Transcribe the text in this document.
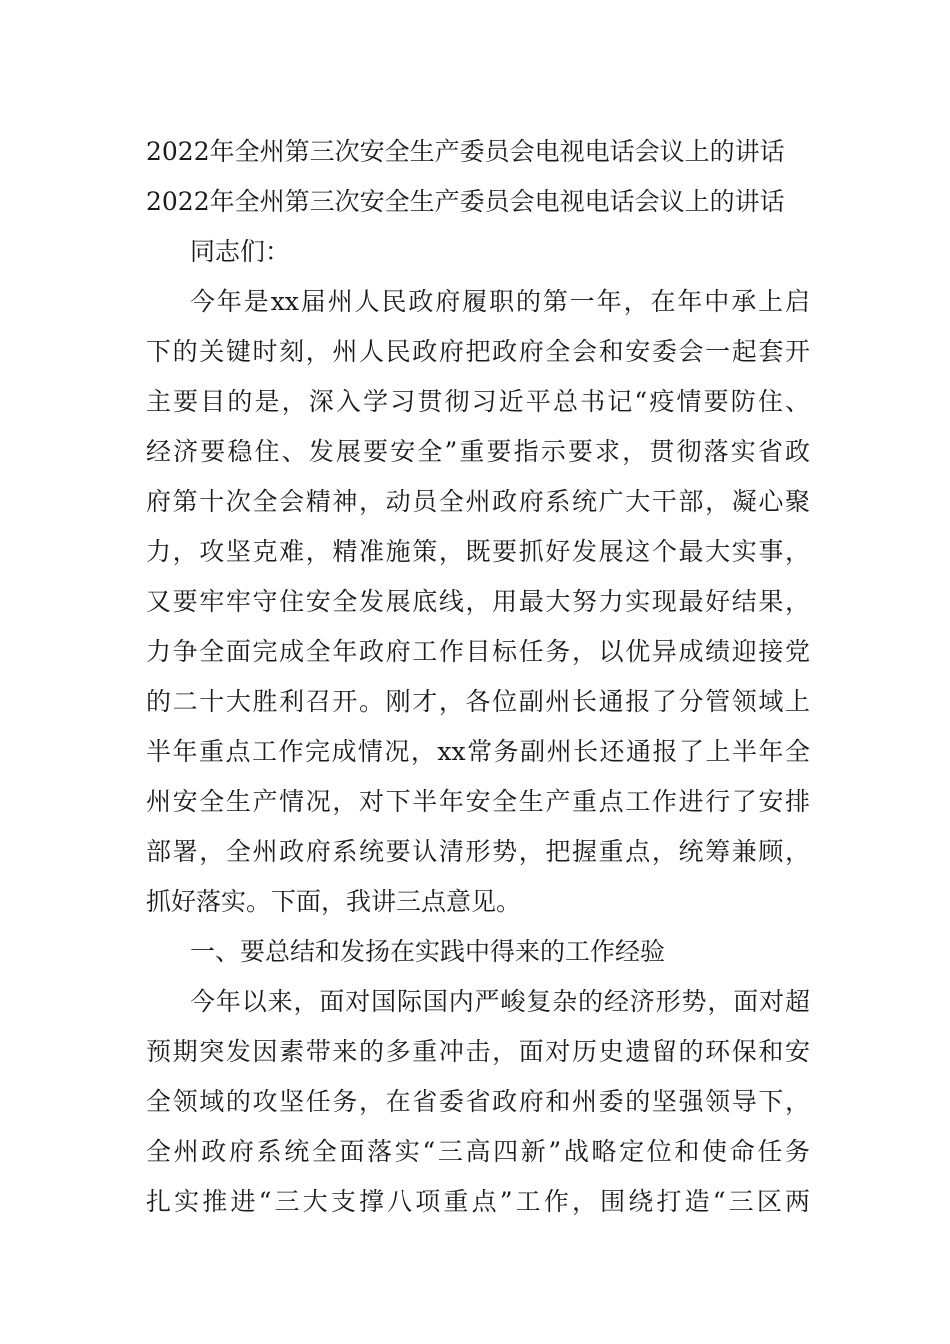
2022年全州第三次安全生产委员会电视电话会议上的讲话
2022年全州第三次安全生产委员会电视电话会议上的讲话
同志们：
今年是xx届州人民政府履职的第一年，在年中承上启
下的关键时刻，州人民政府把政府全会和安委会一起套开
主要目的是，深入学习贯彻习近平总书记“疫情要防住、
经济要稳住、发展要安全”重要指示要求，贯彻落实省政
府第十次全会精神，动员全州政府系统广大干部，凝心聚
力，攻坚克难，精准施策，既要抓好发展这个最大实事，
又要牢牢守住安全发展底线，用最大努力实现最好结果，
力争全面完成全年政府工作目标任务，以优异成绩迎接党
的二十大胜利召开。刚才，各位副州长通报了分管领域上
半年重点工作完成情况，xx常务副州长还通报了上半年全
州安全生产情况，对下半年安全生产重点工作进行了安排
部署，全州政府系统要认清形势，把握重点，统筹兼顾，
抓好落实。下面，我讲三点意见。
一、要总结和发扬在实践中得来的工作经验
今年以来，面对国际国内严峻复杂的经济形势，面对超
预期突发因素带来的多重冲击，面对历史遗留的环保和安
全领域的攻坚任务，在省委省政府和州委的坚强领导下，
全州政府系统全面落实“三高四新”战略定位和使命任务
扎实推进“三大支撑八项重点”工作，围绕打造“三区两
